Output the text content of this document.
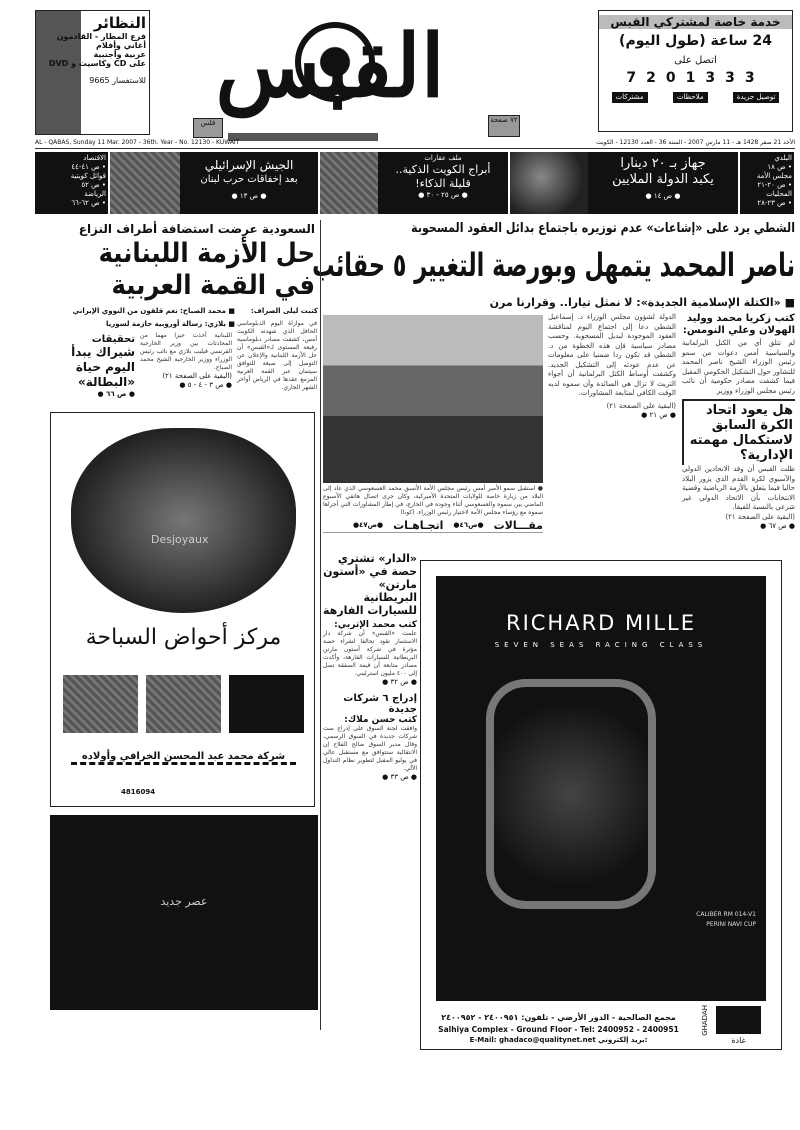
خدمة خاصة لمشتركي القبس
24 ساعة (طول اليوم)
اتصل على
7201333
توصيل جريدة
ملاحظات
مشتركات
القبس
٧٢ صفحة
فلس
النظائر
فرع المطار - القادمون
أغاني وأفلام
عربية وأجنبية
على CD وكاسيت و DVD
للاستفسار 9665
AL - QABAS, Sunday 11 Mar. 2007 - 36th. Year - No. 12130 - KUWAIT	الأحد 21 صفر 1428 هـ - 11 مارس 2007 - السنة 36 - العدد 12130 - الكويت
البلدي
• ص ١٨
مجلس الأمة
• ص ٢٠-٢١
المحليات
• ص ٢٣-٢٨
جهاز بـ ٢٠ دينارا
يكبد الدولة الملايين
● ص ١٤ ●
ملف عقارات
أبراج الكويت الذكية..
قليلة الذكاء!
● ص ٢٥ - ٣٠ ●
الجيش الإسرائيلي
بعد إخفاقات حرب لبنان
● ص ١٣ ●
الاقتصاد
• ص ٤١-٤٤
قوائل كويتية
• ص ٥٢
الرياضة
• ص ٦٢-٦٦
الشطي يرد على «إشاعات» عدم توزيره باجتماع بدائل العقود المسحوبة
ناصر المحمد يتمهل وبورصة التغيير ٥ حقائب
■ «الكتلة الإسلامية الجديدة»: لا نمثل تيارا.. وقرارنا مرن
كتب زكريا محمد ووليد الهولان وعلي النومس:
لم تتلق أي من الكتل البرلمانية والسياسية أمس دعوات من سمو رئيس الوزراء الشيخ ناصر المحمد للتشاور حول التشكيل الحكومي المقبل فيما كشفت مصادر حكومية أن نائب رئيس مجلس الوزراء ووزير
هل يعود اتحاد الكرة السابق لاستكمال مهمته الإدارية؟
ظلت القبس أن وفد الاتحادين الدولي والآسيوي لكرة القدم الذي يزور البلاد حاليا فيما يتعلق بالأزمة الرياضية وقضية الانتخابات بأن الاتحاد الدولي غير شرعي بالنسبة للفيفا.
(البقية على الصفحة ٢١)
● ص ٦٧ ●
الدولة لشؤون مجلس الوزراء د. إسماعيل الشطي دعا إلى اجتماع اليوم لمناقشة العقود الموجودة لبديل المسحوبة. وحسب مصادر سياسية فإن هذه الخطوة من د. الشطي قد تكون ردا ضمنيا على معلومات عن عدم عودته إلى التشكيل الجديد. وكشفت أوساط الكتل البرلمانية أن أجواء التريث لا تزال هي السائدة وأن سموه لديه الوقت الكافي لمتابعة المشاورات.
(البقية على الصفحة ٢١)
● ص ٢١ ●
● استقبل سمو الأمير أمس رئيس مجلس الأمة الأسبق محمد العسعوسي الذي عاد إلى البلاد من زيارة خاصة للولايات المتحدة الأميركية، وكان جرى اتصال هاتفي الأسبوع الماضي بين سموه والعسعوسي أثناء وجوده في الخارج، في إطار المشاورات التي أجراها سموه مع رؤساء مجلس الأمة لاختيار رئيس الوزراء. (كونا)
مقـــالات
●ص٤٦●
اتجـاهـات
●ص٤٧●
السعودية عرضت استضافة أطراف النزاع
حل الأزمة اللبنانية
في القمة العربية
كتبت ليلى الصراف:
■ محمد الصباح: نعم قلقون من النووي الإيراني
■ بلازي: رسالة أوروبية حازمة لسوريا في موازاة اليوم الدبلوماسي الحافل الذي شهدته الكويت أمس، كشفت مصادر دبلوماسية رفيعة المستوى لـ«القبس» أن حل الأزمة اللبنانية والإعلان عن التوصل إلى صيغة للتوافق سيتمان عبر القمة العربية المزمع عقدها في الرياض أواخر الشهر الجاري.
اللبنانية أخذت حيزا مهما من المحادثات بين وزير الخارجية الفرنسي فيليب بلازي مع نائب رئيس الوزراء ووزير الخارجية الشيخ محمد الصباح.
(البقية على الصفحة ٢١)
● ص ٣ - ٤ - ٥ ●
تحقيقات
شيراك يبدأ اليوم حياة «البطالة»
● ص ٦٦ ●
Desjoyaux
مركز أحواض السباحة
شركة محمد عبد المحسن الخرافي وأولاده
4816094
عصر جديد
«الدار» تشتري حصة في «أستون مارتن» البريطانية للسيارات الفارهة
كتب محمد الإتربي:
علمت «القبس» أن شركة دار الاستثمار تقود تحالفا لشراء حصة مؤثرة في شركة أستون مارتن البريطانية للسيارات الفارهة، وأكدت مصادر متابعة أن قيمة الصفقة تصل إلى ٤٠٠ مليون استرليني.
● ص ٣٢ ●
إدراج ٦ شركات جديدة
كتب حسن ملاك:
وافقت لجنة السوق على إدراج ست شركات جديدة في السوق الرسمي، وقال مدير السوق صالح الفلاح إن الانتقالية ستتوافق مع مستقبل عالي في يوليو المقبل لتطوير نظام التداول الآلي.
● ص ٣٣ ●
RICHARD MILLE
SEVEN SEAS RACING CLASS
CALIBER RM 014-V1
PERINI NAVI CUP
مجمع الصالحية - الدور الأرضي - تلفون: ٢٤٠٠٩٥١ - ٢٤٠٠٩٥٢
Salhiya Complex - Ground Floor - Tel: 2400952 - 2400951
E-Mail: ghadaco@qualitynet.net بريد إلكتروني:
GHADAH
غادة
